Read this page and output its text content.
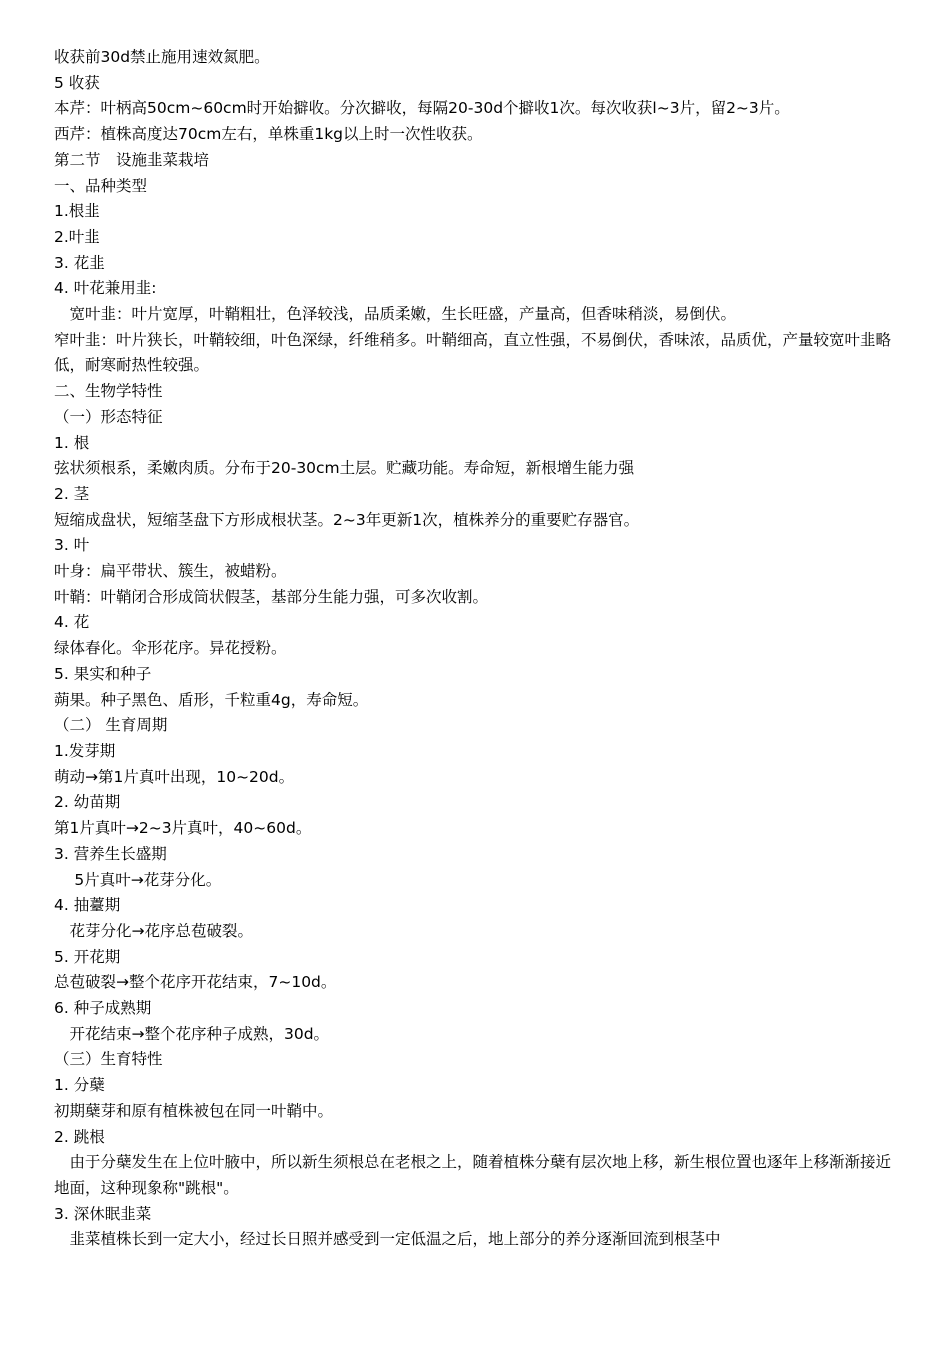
收获前30d禁止施用速效氮肥。
5 收获
本芹：叶柄高50cm~60cm时开始擗收。分次擗收，每隔20-30d个擗收1次。每次收获l~3片，留2~3片。
西芹：植株高度达70cm左右，单株重1kg以上时一次性收获。
第二节　设施韭菜栽培
一、品种类型
1.根韭
2.叶韭
3. 花韭
4. 叶花兼用韭:
　宽叶韭：叶片宽厚，叶鞘粗壮，色泽较浅，品质柔嫩，生长旺盛，产量高，但香味稍淡，易倒伏。
窄叶韭：叶片狭长，叶鞘较细，叶色深绿，纤维稍多。叶鞘细高，直立性强，不易倒伏，香味浓，品质优，产量较宽叶韭略低，耐寒耐热性较强。
二、生物学特性
（一）形态特征
1. 根
弦状须根系，柔嫩肉质。分布于20-30cm土层。贮藏功能。寿命短，新根增生能力强
2. 茎
短缩成盘状，短缩茎盘下方形成根状茎。2~3年更新1次，植株养分的重要贮存器官。
3. 叶
叶身：扁平带状、簇生，被蜡粉。
叶鞘：叶鞘闭合形成筒状假茎，基部分生能力强，可多次收割。
4. 花
绿体春化。伞形花序。异花授粉。
5. 果实和种子
蒴果。种子黑色、盾形，千粒重4g，寿命短。
（二） 生育周期
1.发芽期
萌动→第1片真叶出现，10~20d。
2. 幼苗期
第1片真叶→2~3片真叶，40~60d。
3. 营养生长盛期
　 5片真叶→花芽分化。
4. 抽薹期
　花芽分化→花序总苞破裂。
5. 开花期
总苞破裂→整个花序开花结束，7~10d。
6. 种子成熟期
　开花结束→整个花序种子成熟，30d。
（三）生育特性
1. 分蘖
初期蘖芽和原有植株被包在同一叶鞘中。
2. 跳根
　由于分蘖发生在上位叶腋中，所以新生须根总在老根之上，随着植株分蘖有层次地上移，新生根位置也逐年上移渐渐接近地面，这种现象称"跳根"。
3. 深休眠韭菜
　韭菜植株长到一定大小，经过长日照并感受到一定低温之后，地上部分的养分逐渐回流到根茎中
